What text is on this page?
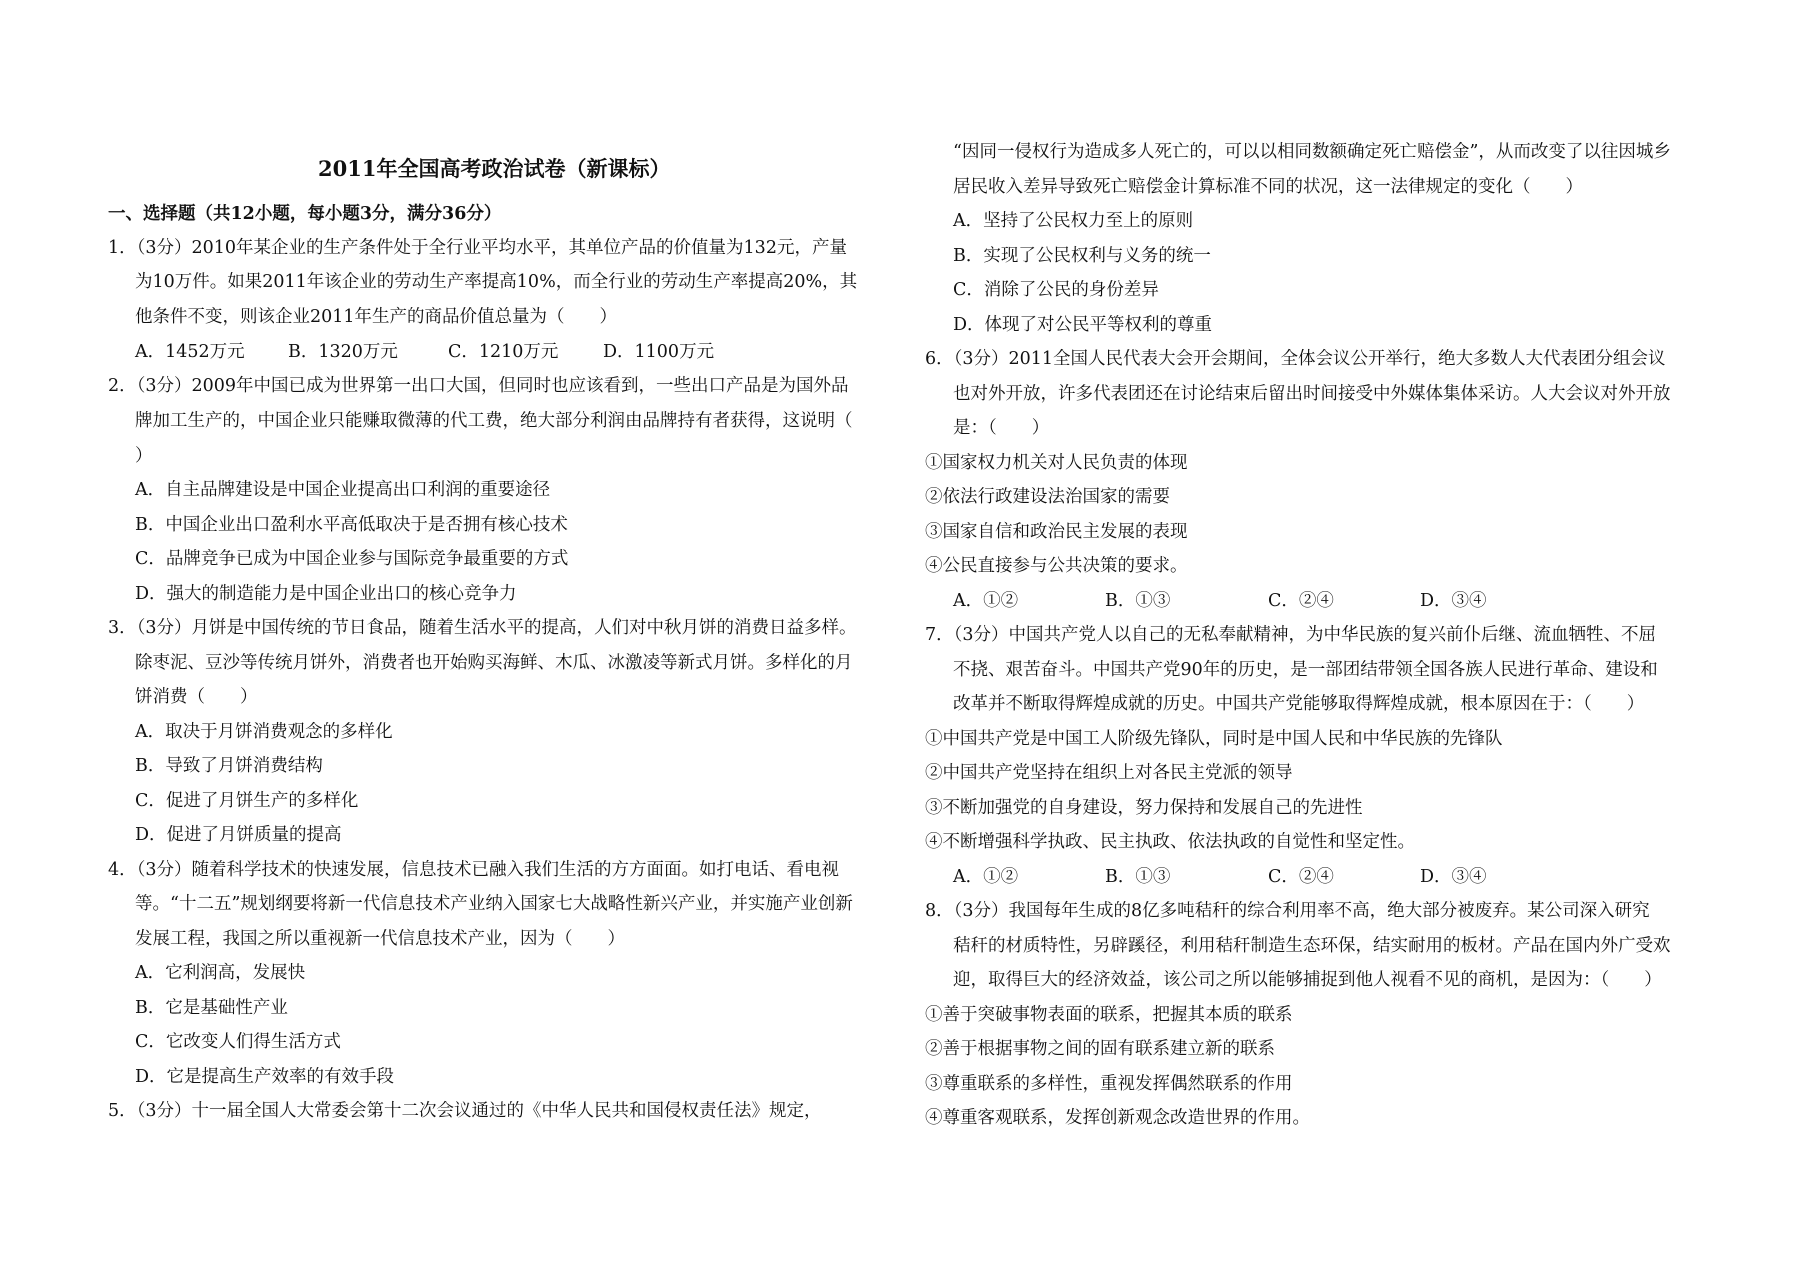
2011年全国高考政治试卷（新课标）
一、选择题（共12小题，每小题3分，满分36分）
1．（3分）2010年某企业的生产条件处于全行业平均水平，其单位产品的价值量为132元，产量
为10万件。如果2011年该企业的劳动生产率提高10%，而全行业的劳动生产率提高20%，其
他条件不变，则该企业2011年生产的商品价值总量为（　　）
A．1452万元 B．1320万元	C．1210万元	D．1100万元
2．（3分）2009年中国已成为世界第一出口大国，但同时也应该看到，一些出口产品是为国外品
牌加工生产的，中国企业只能赚取微薄的代工费，绝大部分利润由品牌持有者获得，这说明（
）
A．自主品牌建设是中国企业提高出口利润的重要途径
B．中国企业出口盈利水平高低取决于是否拥有核心技术
C．品牌竞争已成为中国企业参与国际竞争最重要的方式
D．强大的制造能力是中国企业出口的核心竞争力
3．（3分）月饼是中国传统的节日食品，随着生活水平的提高，人们对中秋月饼的消费日益多样。
除枣泥、豆沙等传统月饼外，消费者也开始购买海鲜、木瓜、冰激凌等新式月饼。多样化的月
饼消费（　　）
A．取决于月饼消费观念的多样化
B．导致了月饼消费结构
C．促进了月饼生产的多样化
D．促进了月饼质量的提高
4．（3分）随着科学技术的快速发展，信息技术已融入我们生活的方方面面。如打电话、看电视
等。“十二五”规划纲要将新一代信息技术产业纳入国家七大战略性新兴产业，并实施产业创新
发展工程，我国之所以重视新一代信息技术产业，因为（　　）
A．它利润高，发展快
B．它是基础性产业
C．它改变人们得生活方式
D．它是提高生产效率的有效手段
5．（3分）十一届全国人大常委会第十二次会议通过的《中华人民共和国侵权责任法》规定，
“因同一侵权行为造成多人死亡的，可以以相同数额确定死亡赔偿金”，从而改变了以往因城乡
居民收入差异导致死亡赔偿金计算标准不同的状况，这一法律规定的变化（　　）
A．坚持了公民权力至上的原则
B．实现了公民权利与义务的统一
C．消除了公民的身份差异
D．体现了对公民平等权利的尊重
6．（3分）2011全国人民代表大会开会期间，全体会议公开举行，绝大多数人大代表团分组会议
也对外开放，许多代表团还在讨论结束后留出时间接受中外媒体集体采访。人大会议对外开放
是：（　　）
①国家权力机关对人民负责的体现
②依法行政建设法治国家的需要
③国家自信和政治民主发展的表现
④公民直接参与公共决策的要求。
A．①②	B．①③	C．②④	D．③④
7．（3分）中国共产党人以自己的无私奉献精神，为中华民族的复兴前仆后继、流血牺牲、不屈
不挠、艰苦奋斗。中国共产党90年的历史，是一部团结带领全国各族人民进行革命、建设和
改革并不断取得辉煌成就的历史。中国共产党能够取得辉煌成就，根本原因在于：（　　）
①中国共产党是中国工人阶级先锋队，同时是中国人民和中华民族的先锋队
②中国共产党坚持在组织上对各民主党派的领导
③不断加强党的自身建设，努力保持和发展自己的先进性
④不断增强科学执政、民主执政、依法执政的自觉性和坚定性。
A．①②	B．①③	C．②④	D．③④
8．（3分）我国每年生成的8亿多吨秸秆的综合利用率不高，绝大部分被废弃。某公司深入研究
秸秆的材质特性，另辟蹊径，利用秸秆制造生态环保，结实耐用的板材。产品在国内外广受欢
迎，取得巨大的经济效益，该公司之所以能够捕捉到他人视看不见的商机，是因为：（　　）
①善于突破事物表面的联系，把握其本质的联系
②善于根据事物之间的固有联系建立新的联系
③尊重联系的多样性，重视发挥偶然联系的作用
④尊重客观联系，发挥创新观念改造世界的作用。
